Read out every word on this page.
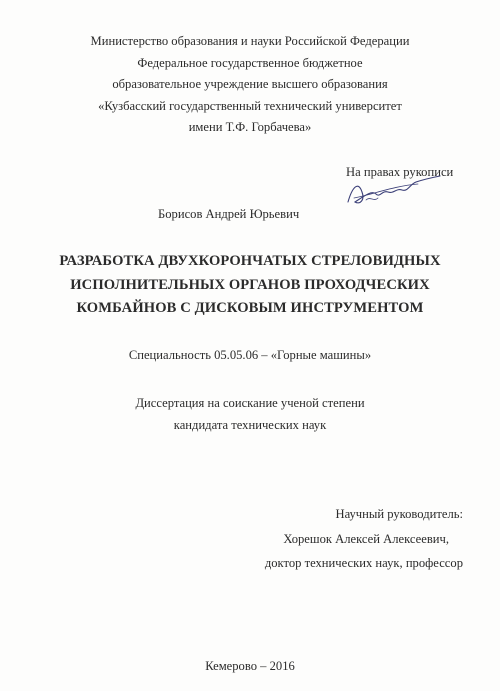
Министерство образования и науки Российской Федерации
Федеральное государственное бюджетное
образовательное учреждение высшего образования
«Кузбасский государственный технический университет
имени Т.Ф. Горбачева»
На правах рукописи
Борисов Андрей Юрьевич
РАЗРАБОТКА ДВУХКОРОНЧАТЫХ СТРЕЛОВИДНЫХ
ИСПОЛНИТЕЛЬНЫХ ОРГАНОВ ПРОХОДЧЕСКИХ
КОМБАЙНОВ С ДИСКОВЫМ ИНСТРУМЕНТОМ
Специальность 05.05.06 – «Горные машины»
Диссертация на соискание ученой степени
кандидата технических наук
Научный руководитель:
Хорешок Алексей Алексеевич,
доктор технических наук, профессор
Кемерово – 2016
